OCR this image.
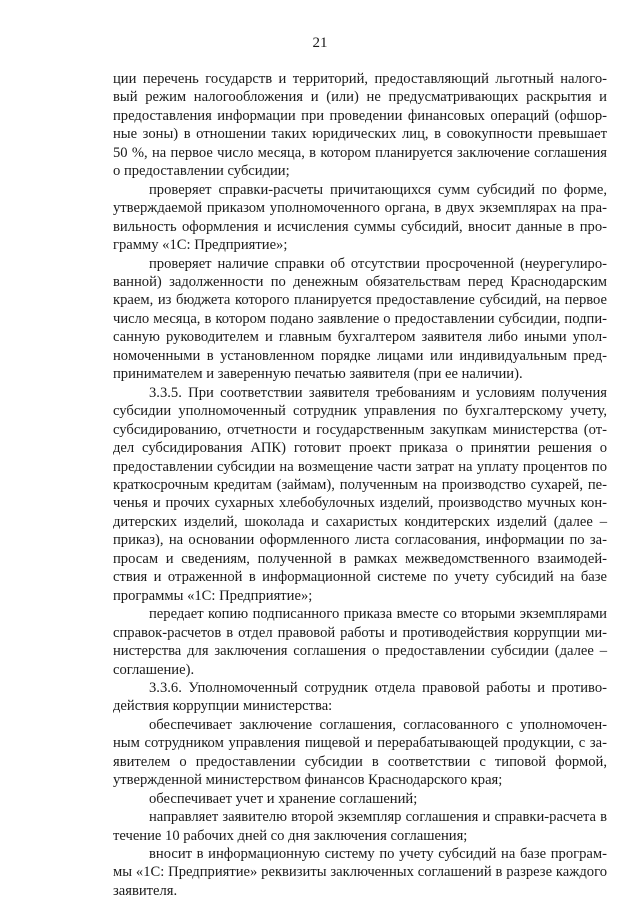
21
ции перечень государств и территорий, предоставляющий льготный налого-
вый режим налогообложения и (или) не предусматривающих раскрытия и
предоставления информации при проведении финансовых операций (офшор-
ные зоны) в отношении таких юридических лиц, в совокупности превышает
50 %, на первое число месяца, в котором планируется заключение соглашения
о предоставлении субсидии;
проверяет справки-расчеты причитающихся сумм субсидий по форме,
утверждаемой приказом уполномоченного органа, в двух экземплярах на пра-
вильность оформления и исчисления суммы субсидий, вносит данные в про-
грамму «1С: Предприятие»;
проверяет наличие справки об отсутствии просроченной (неурегулиро-
ванной) задолженности по денежным обязательствам перед Краснодарским
краем, из бюджета которого планируется предоставление субсидий, на первое
число месяца, в котором подано заявление о предоставлении субсидии, подпи-
санную руководителем и главным бухгалтером заявителя либо иными упол-
номоченными в установленном порядке лицами или индивидуальным пред-
принимателем и заверенную печатью заявителя (при ее наличии).
3.3.5. При соответствии заявителя требованиям и условиям получения
субсидии уполномоченный сотрудник управления по бухгалтерскому учету,
субсидированию, отчетности и государственным закупкам министерства (от-
дел субсидирования АПК) готовит проект приказа о принятии решения о
предоставлении субсидии на возмещение части затрат на уплату процентов по
краткосрочным кредитам (займам), полученным на производство сухарей, пе-
ченья и прочих сухарных хлебобулочных изделий, производство мучных кон-
дитерских изделий, шоколада и сахаристых кондитерских изделий (далее –
приказ), на основании оформленного листа согласования, информации по за-
просам и сведениям, полученной в рамках межведомственного взаимодей-
ствия и отраженной в информационной системе по учету субсидий на базе
программы «1С: Предприятие»;
передает копию подписанного приказа вместе со вторыми экземплярами
справок-расчетов в отдел правовой работы и противодействия коррупции ми-
нистерства для заключения соглашения о предоставлении субсидии (далее –
соглашение).
3.3.6. Уполномоченный сотрудник отдела правовой работы и противо-
действия коррупции министерства:
обеспечивает заключение соглашения, согласованного с уполномочен-
ным сотрудником управления пищевой и перерабатывающей продукции, с за-
явителем о предоставлении субсидии в соответствии с типовой формой,
утвержденной министерством финансов Краснодарского края;
обеспечивает учет и хранение соглашений;
направляет заявителю второй экземпляр соглашения и справки-расчета в
течение 10 рабочих дней со дня заключения соглашения;
вносит в информационную систему по учету субсидий на базе програм-
мы «1С: Предприятие» реквизиты заключенных соглашений в разрезе каждого
заявителя.
